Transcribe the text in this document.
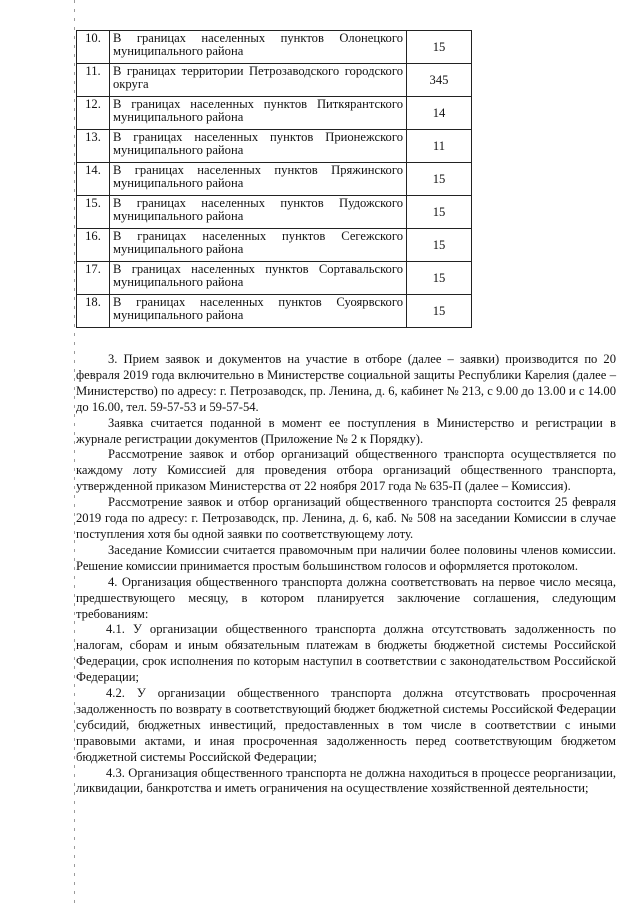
10.	В границах населенных пунктов Олонецкого муниципального района	15
11.	В границах территории Петрозаводского городского округа	345
12.	В границах населенных пунктов Питкярантского муниципального района	14
13.	В границах населенных пунктов Прионежского муниципального района	11
14.	В границах населенных пунктов Пряжинского муниципального района	15
15.	В границах населенных пунктов Пудожского муниципального района	15
16.	В границах населенных пунктов Сегежского муниципального района	15
17.	В границах населенных пунктов Сортавальского муниципального района	15
18.	В границах населенных пунктов Суоярвского муниципального района	15

3. Прием заявок и документов на участие в отборе (далее – заявки) производится по 20 февраля 2019 года включительно в Министерстве социальной защиты Республики Карелия (далее – Министерство) по адресу: г. Петрозаводск, пр. Ленина, д. 6, кабинет № 213, с 9.00 до 13.00 и с 14.00 до 16.00, тел. 59-57-53 и 59-57-54.

Заявка считается поданной в момент ее поступления в Министерство и регистрации в журнале регистрации документов (Приложение № 2 к Порядку).

Рассмотрение заявок и отбор организаций общественного транспорта осуществляется по каждому лоту Комиссией для проведения отбора организаций общественного транспорта, утвержденной приказом Министерства от 22 ноября 2017 года № 635-П (далее – Комиссия).

Рассмотрение заявок и отбор организаций общественного транспорта состоится 25 февраля 2019 года по адресу: г. Петрозаводск, пр. Ленина, д. 6, каб. № 508 на заседании Комиссии в случае поступления хотя бы одной заявки по соответствующему лоту.

Заседание Комиссии считается правомочным при наличии более половины членов комиссии. Решение комиссии принимается простым большинством голосов и оформляется протоколом.

4. Организация общественного транспорта должна соответствовать на первое число месяца, предшествующего месяцу, в котором планируется заключение соглашения, следующим требованиям:

4.1. У организации общественного транспорта должна отсутствовать задолженность по налогам, сборам и иным обязательным платежам в бюджеты бюджетной системы Российской Федерации, срок исполнения по которым наступил в соответствии с законодательством Российской Федерации;

4.2. У организации общественного транспорта должна отсутствовать просроченная задолженность по возврату в соответствующий бюджет бюджетной системы Российской Федерации субсидий, бюджетных инвестиций, предоставленных в том числе в соответствии с иными правовыми актами, и иная просроченная задолженность перед соответствующим бюджетом бюджетной системы Российской Федерации;

4.3. Организация общественного транспорта не должна находиться в процессе реорганизации, ликвидации, банкротства и иметь ограничения на осуществление хозяйственной деятельности;
